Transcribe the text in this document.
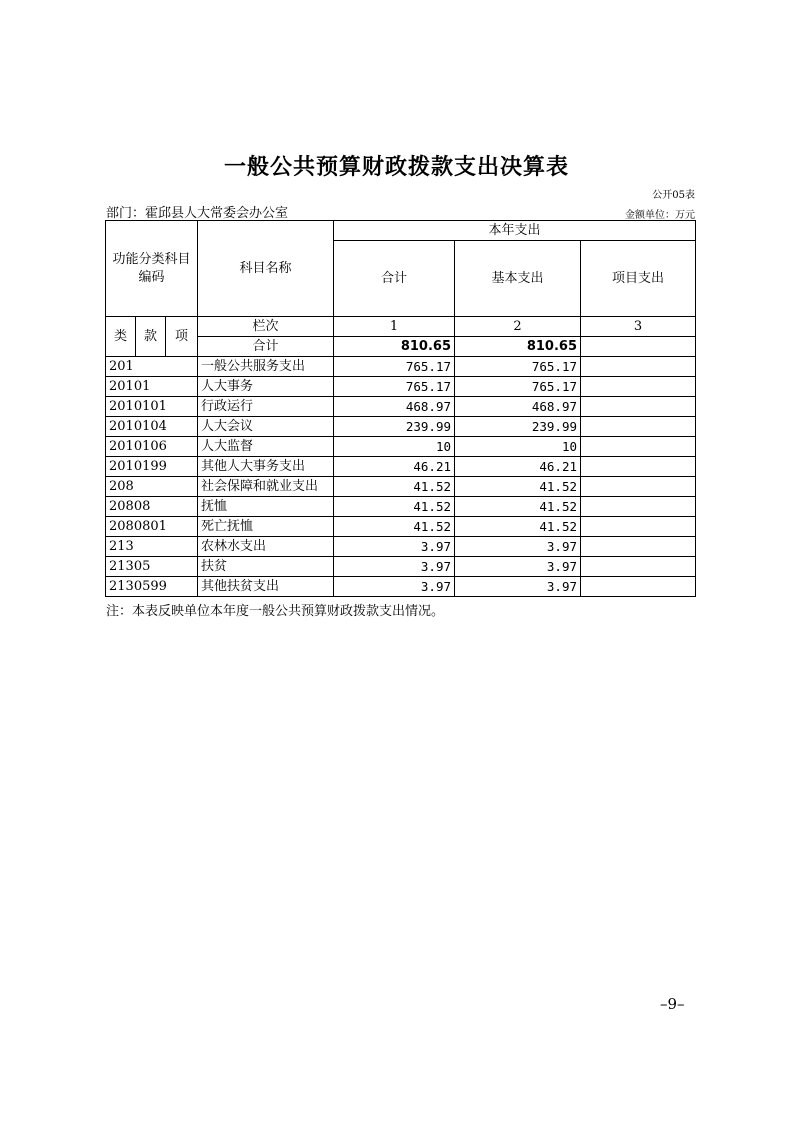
一般公共预算财政拨款支出决算表
公开05表
部门：霍邱县人大常委会办公室	金额单位：万元
功能分类科目编码			科目名称	本年支出		
				合计	基本支出	项目支出
类	款	项	栏次	1	2	3
			合计	810.65	810.65	
201			一般公共服务支出	765.17	765.17	
20101			人大事务	765.17	765.17	
2010101			行政运行	468.97	468.97	
2010104			人大会议	239.99	239.99	
2010106			人大监督	10	10	
2010199			其他人大事务支出	46.21	46.21	
208			社会保障和就业支出	41.52	41.52	
20808			抚恤	41.52	41.52	
2080801			死亡抚恤	41.52	41.52	
213			农林水支出	3.97	3.97	
21305			扶贫	3.97	3.97	
2130599			其他扶贫支出	3.97	3.97	
注：本表反映单位本年度一般公共预算财政拨款支出情况。
–9–
